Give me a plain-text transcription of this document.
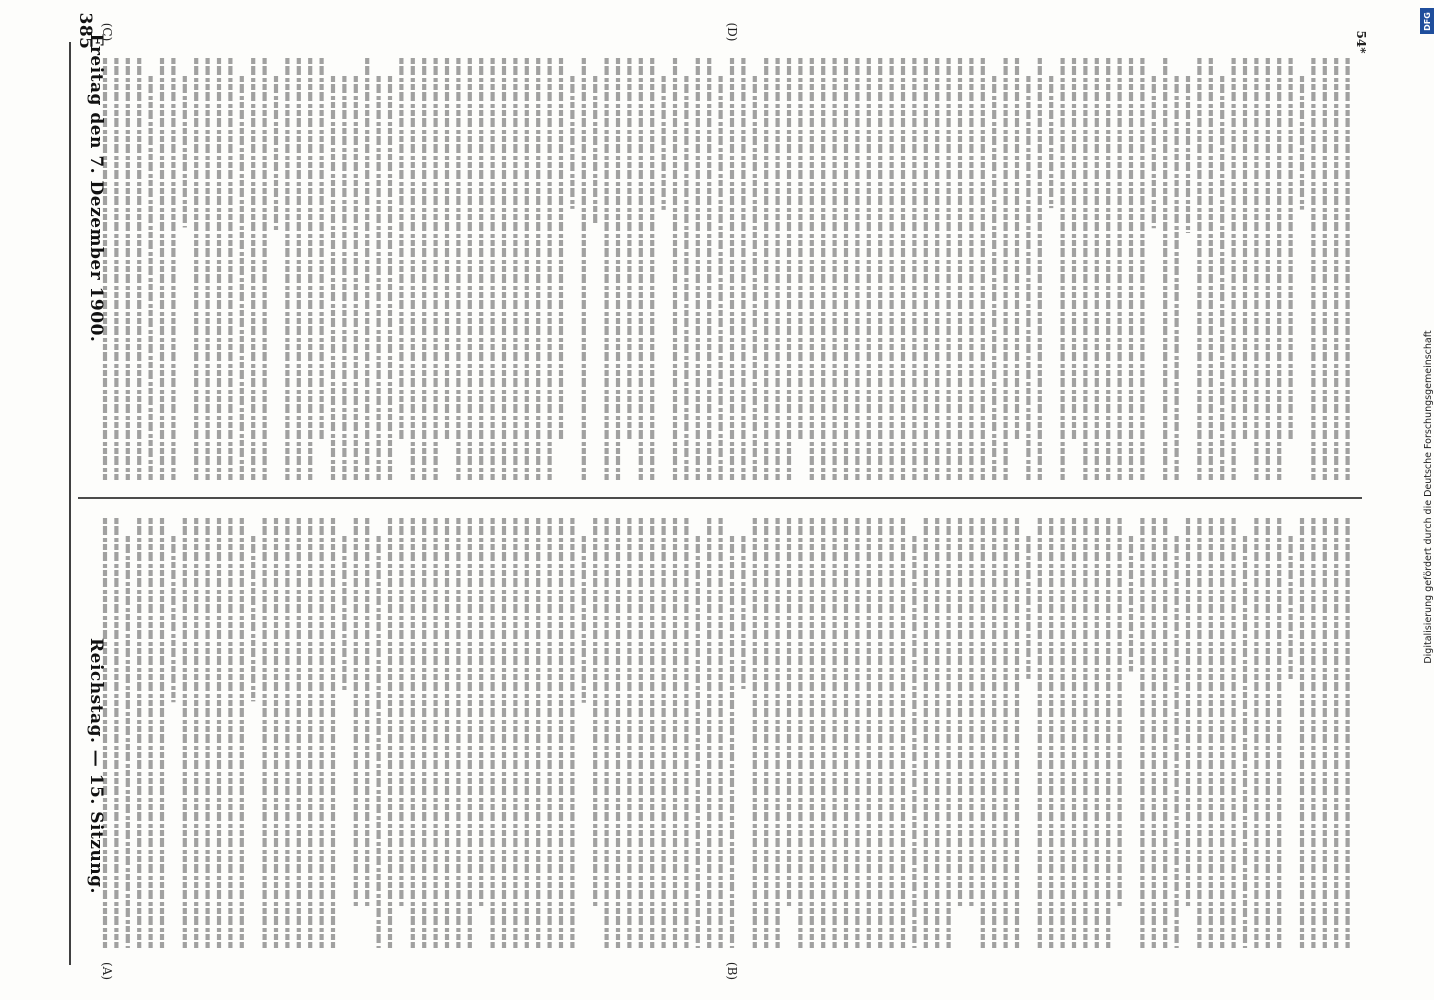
Reichstag. — 15. Sitzung.
Freitag den 7. Dezember 1900.
385
(A)	(B)
(C)	(D)	54*
Digitalisierung gefördert durch die Deutsche Forschungsgemeinschaft
DFG
